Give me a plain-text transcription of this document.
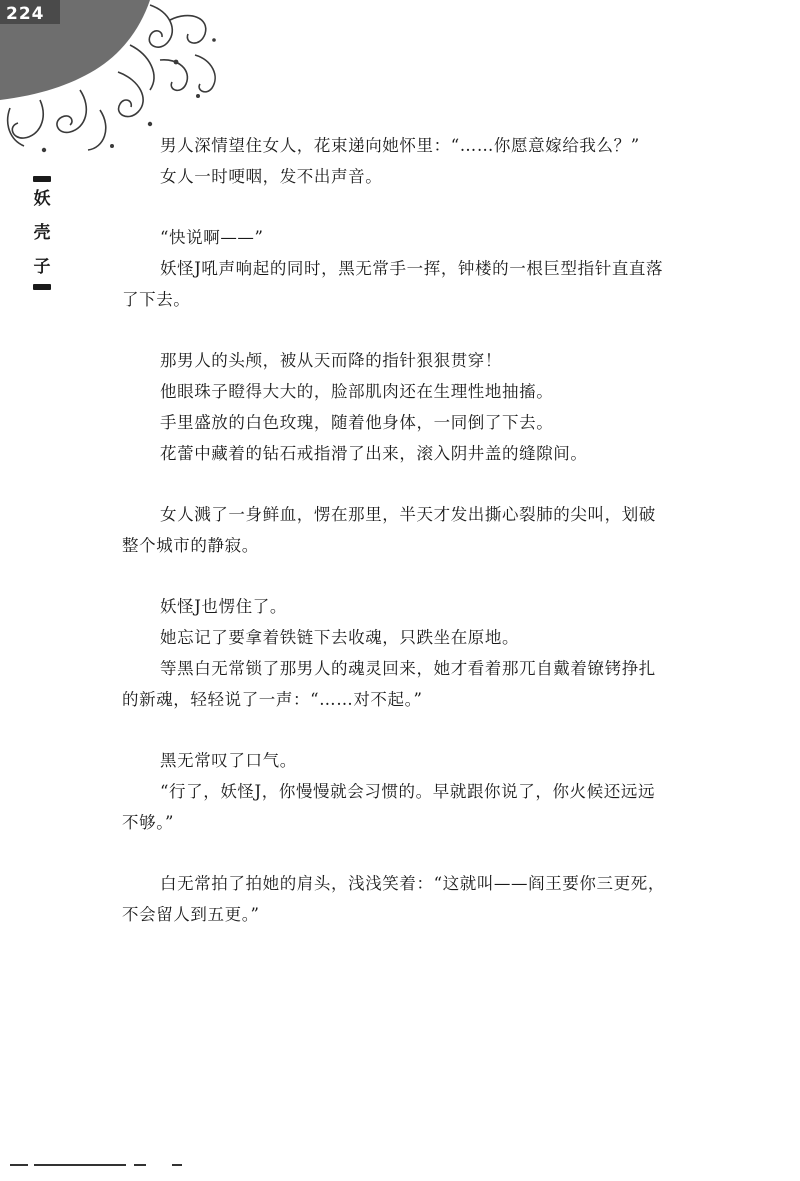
224
妖
壳
子
男人深情望住女人，花束递向她怀里：“……你愿意嫁给我么？”
女人一时哽咽，发不出声音。
“快说啊——”
妖怪J吼声响起的同时，黑无常手一挥，钟楼的一根巨型指针直直落
了下去。
那男人的头颅，被从天而降的指针狠狠贯穿！
他眼珠子瞪得大大的，脸部肌肉还在生理性地抽搐。
手里盛放的白色玫瑰，随着他身体，一同倒了下去。
花蕾中藏着的钻石戒指滑了出来，滚入阴井盖的缝隙间。
女人溅了一身鲜血，愣在那里，半天才发出撕心裂肺的尖叫，划破
整个城市的静寂。
妖怪J也愣住了。
她忘记了要拿着铁链下去收魂，只跌坐在原地。
等黑白无常锁了那男人的魂灵回来，她才看着那兀自戴着镣铐挣扎
的新魂，轻轻说了一声：“……对不起。”
黑无常叹了口气。
“行了，妖怪J，你慢慢就会习惯的。早就跟你说了，你火候还远远
不够。”
白无常拍了拍她的肩头，浅浅笑着：“这就叫——阎王要你三更死，
不会留人到五更。”
